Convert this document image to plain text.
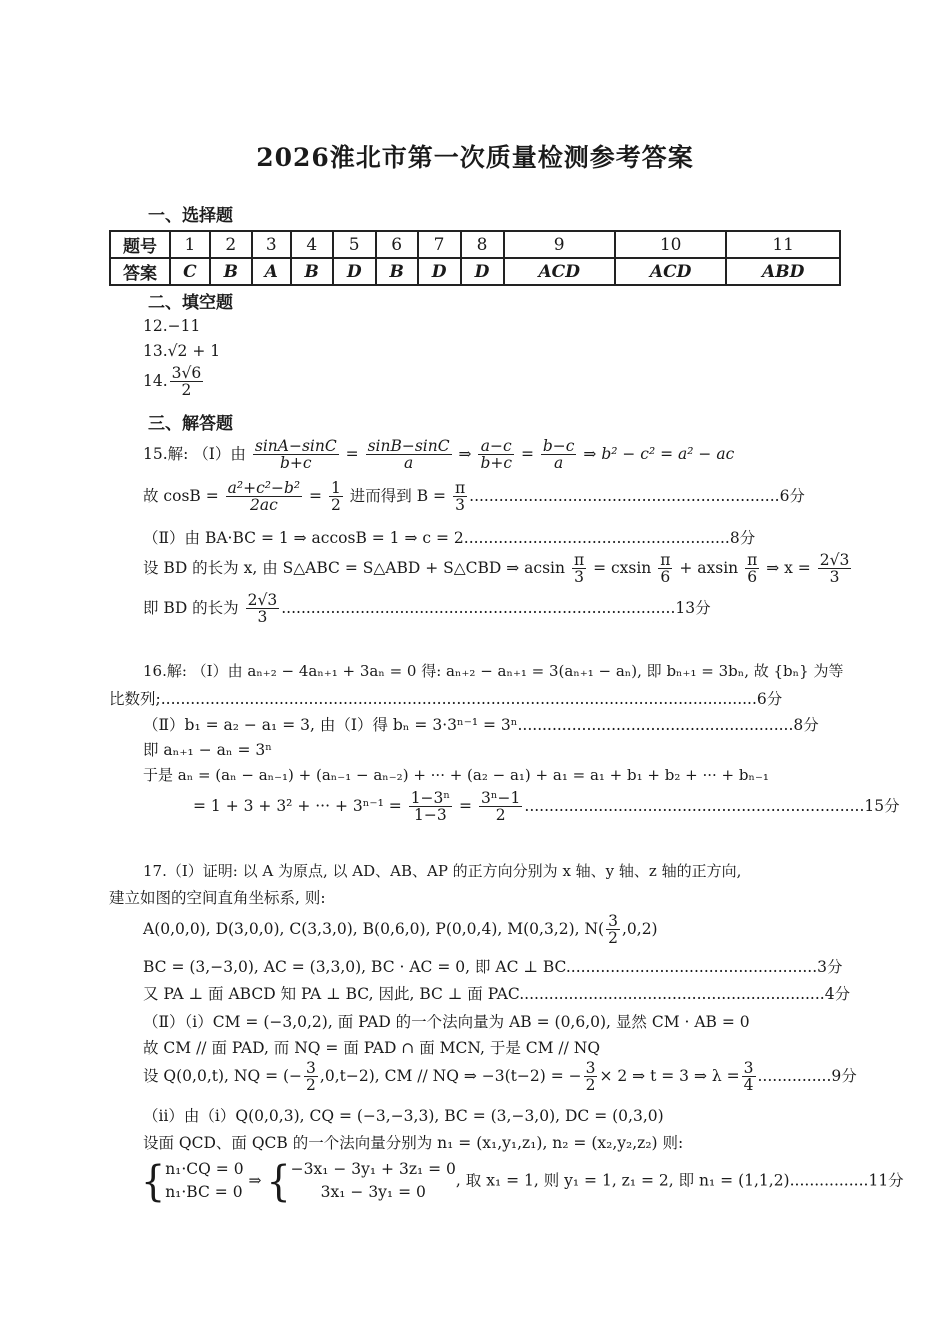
2026淮北市第一次质量检测参考答案
一、选择题
题号	1	2	3	4	5	6	7	8	9	10	11
答案	C	B	A	B	D	B	D	D	ACD	ACD	ABD
二、填空题
12.−11
13.√2 + 1
14. $\frac{3√6}{2}$
三、解答题
15.解: （Ⅰ）由 $\frac{\sin A-\sin C}{b+c} = \frac{\sin B-\sin C}{a}$ ⇒ $\frac{a-c}{b+c} = \frac{b-c}{a}$ ⇒ b² − c² = a² − ac
故 $\cos B = \frac{\text{a²+c²−b²}}{2ac} = \frac{1}{2}$ 进而得到 $B = \frac{\pi}{3} ...............................................................6$分
（Ⅱ）由 BA·BC = 1 ⇒ accosB = 1 ⇒ c = 2......................................................8分
设 BD 的长为 x, 由 S△ABC = S△ABD + S△CBD ⇒ acsin $\frac{\pi}{3} = cxsin \frac{\pi}{6} + axsin \frac{\pi}{6}$ ⇒ $x = \frac{2√3}{3}$
即 BD 的长为 $\frac{2√3}{3} ................................................................................13$分
16.解: （Ⅰ）由 aₙ₊₂ − 4aₙ₊₁ + 3aₙ = 0 得: aₙ₊₂ − aₙ₊₁ = 3(aₙ₊₁ − aₙ), 即 bₙ₊₁ = 3bₙ, 故 {bₙ} 为等
比数列;.........................................................................................................................6分
（Ⅱ）b₁ = a₂ − a₁ = 3, 由（Ⅰ）得 bₙ = 3·3ⁿ⁻¹ = 3ⁿ........................................................8分
即 aₙ₊₁ − aₙ = 3ⁿ
于是 aₙ = (aₙ − aₙ₋₁) + (aₙ₋₁ − aₙ₋₂) + ··· + (a₂ − a₁) + a₁ = a₁ + b₁ + b₂ + ··· + bₙ₋₁
= 1 + 3 + 3² + ··· + $3^{n-1} = \frac{\text{1−3ⁿ}}{1-3} = \frac{\text{3ⁿ−1}}{2} .....................................................................15$分
17.（Ⅰ）证明: 以 A 为原点, 以 AD、AB、AP 的正方向分别为 x 轴、y 轴、z 轴的正方向,
建立如图的空间直角坐标系, 则:
A(0,0,0), D(3,0,0), C(3,3,0), B(0,6,0), P(0,0,4), M(0,3,2), $N( \frac{3}{2} ,0,2)$
BC = (3,−3,0), AC = (3,3,0), BC · AC = 0, 即 AC ⊥ BC...................................................3分
又 PA ⊥ 面 ABCD 知 PA ⊥ BC, 因此, BC ⊥ 面 PAC..............................................................4分
（Ⅱ）（i）CM = (−3,0,2), 面 PAD 的一个法向量为 AB = (0,6,0), 显然 CM · AB = 0
故 CM // 面 PAD, 而 NQ = 面 PAD ∩ 面 MCN, 于是 CM // NQ
设 Q(0,0,t), NQ = (− $\frac{3}{2} ,0,t-2$), CM // NQ ⇒ −3(t−2) = − $\frac{3}{2} \times 2$ ⇒ t = 3 ⇒ $\lambda = \frac{3}{4} ...............9$分
（ii）由（i）Q(0,0,3), CQ = (−3,−3,3), BC = (3,−3,0), DC = (0,3,0)
设面 QCD、面 QCB 的一个法向量分别为 n₁ = (x₁,y₁,z₁), n₂ = (x₂,y₂,z₂) 则:
{ n₁·CQ = 0
n₁·BC = 0
⇒ { −3x₁ − 3y₁ + 3z₁ = 0
3x₁ − 3y₁ = 0
, 取 x₁ = 1, 则 y₁ = 1, z₁ = 2, 即 n₁ = (1,1,2)................11分
